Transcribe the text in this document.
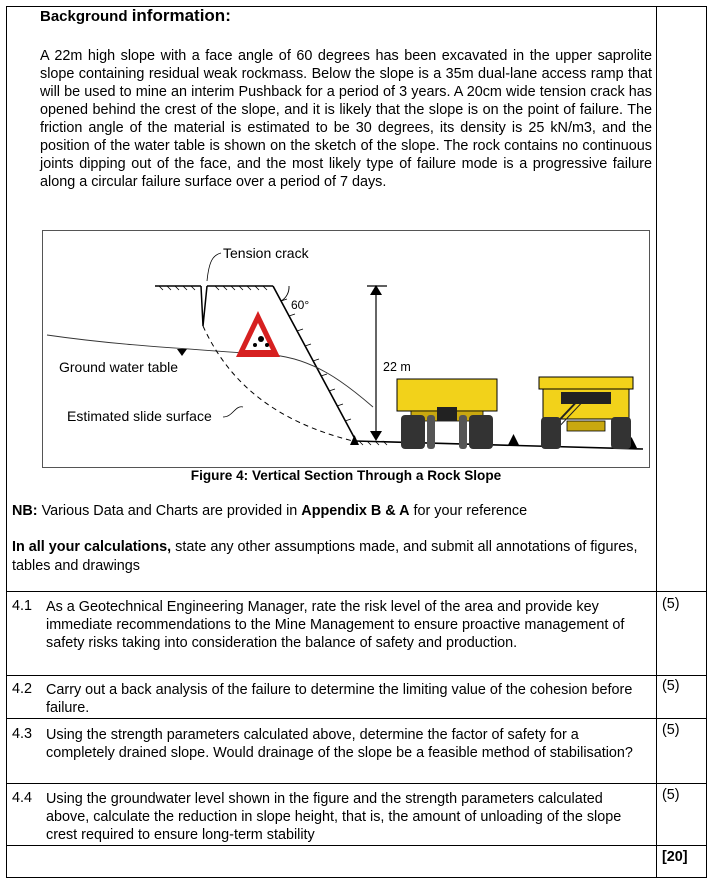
Background information:
A 22m high slope with a face angle of 60 degrees has been excavated in the upper saprolite slope containing residual weak rockmass. Below the slope is a 35m dual-lane access ramp that will be used to mine an interim Pushback for a period of 3 years. A 20cm wide tension crack has opened behind the crest of the slope, and it is likely that the slope is on the point of failure. The friction angle of the material is estimated to be 30 degrees, its density is 25 kN/m3, and the position of the water table is shown on the sketch of the slope. The rock contains no continuous joints dipping out of the face, and the most likely type of failure mode is a progressive failure along a circular failure surface over a period of 7 days.
60°
Tension crack
22 m
Ground water table
Estimated slide surface
Figure 4: Vertical Section Through a Rock Slope
NB: Various Data and Charts are provided in Appendix B & A for your reference
In all your calculations, state any other assumptions made, and submit all annotations of figures, tables and drawings
4.1 As a Geotechnical Engineering Manager, rate the risk level of the area and provide key immediate recommendations to the Mine Management to ensure proactive management of safety risks taking into consideration the balance of safety and production.
(5)
4.2 Carry out a back analysis of the failure to determine the limiting value of the cohesion before failure.
(5)
4.3 Using the strength parameters calculated above, determine the factor of safety for a completely drained slope. Would drainage of the slope be a feasible method of stabilisation?
(5)
4.4 Using the groundwater level shown in the figure and the strength parameters calculated above, calculate the reduction in slope height, that is, the amount of unloading of the slope crest required to ensure long-term stability
(5)
[20]
